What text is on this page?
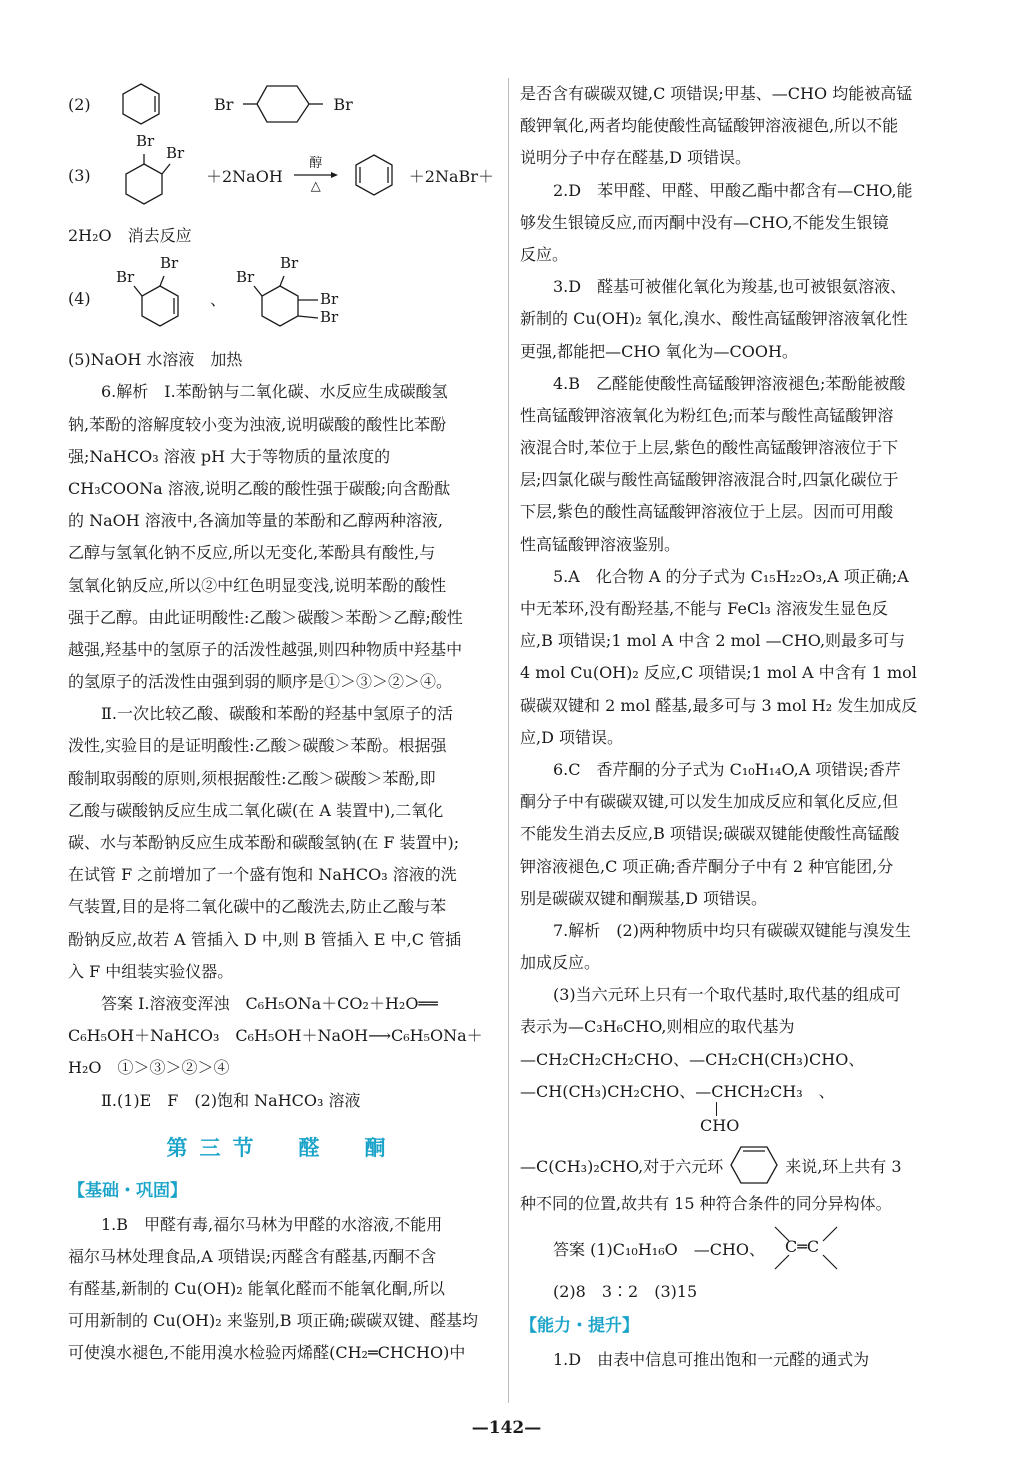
(2)	Br	Br
(3)
Br
Br
＋2NaOH
醇
△
＋2NaBr＋
2H₂O　消去反应
(4)
Br
Br
、
Br
Br
Br
Br
(5)NaOH 水溶液　加热
6.解析　Ⅰ.苯酚钠与二氧化碳、水反应生成碳酸氢
钠,苯酚的溶解度较小变为浊液,说明碳酸的酸性比苯酚
强;NaHCO₃ 溶液 pH 大于等物质的量浓度的
CH₃COONa 溶液,说明乙酸的酸性强于碳酸;向含酚酞
的 NaOH 溶液中,各滴加等量的苯酚和乙醇两种溶液,
乙醇与氢氧化钠不反应,所以无变化,苯酚具有酸性,与
氢氧化钠反应,所以②中红色明显变浅,说明苯酚的酸性
强于乙醇。由此证明酸性:乙酸＞碳酸＞苯酚＞乙醇;酸性
越强,羟基中的氢原子的活泼性越强,则四种物质中羟基中
的氢原子的活泼性由强到弱的顺序是①＞③＞②＞④。
Ⅱ.一次比较乙酸、碳酸和苯酚的羟基中氢原子的活
泼性,实验目的是证明酸性:乙酸＞碳酸＞苯酚。根据强
酸制取弱酸的原则,须根据酸性:乙酸＞碳酸＞苯酚,即
乙酸与碳酸钠反应生成二氧化碳(在 A 装置中),二氧化
碳、水与苯酚钠反应生成苯酚和碳酸氢钠(在 F 装置中);
在试管 F 之前增加了一个盛有饱和 NaHCO₃ 溶液的洗
气装置,目的是将二氧化碳中的乙酸洗去,防止乙酸与苯
酚钠反应,故若 A 管插入 D 中,则 B 管插入 E 中,C 管插
入 F 中组装实验仪器。
答案 Ⅰ.溶液变浑浊　C₆H₅ONa＋CO₂＋H₂O══
C₆H₅OH＋NaHCO₃　C₆H₅OH＋NaOH⟶C₆H₅ONa＋
H₂O　①＞③＞②＞④
Ⅱ.(1)E　F　(2)饱和 NaHCO₃ 溶液
第三节　醛　酮
【基础・巩固】
1.B　甲醛有毒,福尔马林为甲醛的水溶液,不能用
福尔马林处理食品,A 项错误;丙醛含有醛基,丙酮不含
有醛基,新制的 Cu(OH)₂ 能氧化醛而不能氧化酮,所以
可用新制的 Cu(OH)₂ 来鉴别,B 项正确;碳碳双键、醛基均
可使溴水褪色,不能用溴水检验丙烯醛(CH₂═CHCHO)中
是否含有碳碳双键,C 项错误;甲基、—CHO 均能被高锰
酸钾氧化,两者均能使酸性高锰酸钾溶液褪色,所以不能
说明分子中存在醛基,D 项错误。
2.D　苯甲醛、甲醛、甲酸乙酯中都含有—CHO,能
够发生银镜反应,而丙酮中没有—CHO,不能发生银镜
反应。
3.D　醛基可被催化氧化为羧基,也可被银氨溶液、
新制的 Cu(OH)₂ 氧化,溴水、酸性高锰酸钾溶液氧化性
更强,都能把—CHO 氧化为—COOH。
4.B　乙醛能使酸性高锰酸钾溶液褪色;苯酚能被酸
性高锰酸钾溶液氧化为粉红色;而苯与酸性高锰酸钾溶
液混合时,苯位于上层,紫色的酸性高锰酸钾溶液位于下
层;四氯化碳与酸性高锰酸钾溶液混合时,四氯化碳位于
下层,紫色的酸性高锰酸钾溶液位于上层。因而可用酸
性高锰酸钾溶液鉴别。
5.A　化合物 A 的分子式为 C₁₅H₂₂O₃,A 项正确;A
中无苯环,没有酚羟基,不能与 FeCl₃ 溶液发生显色反
应,B 项错误;1 mol A 中含 2 mol —CHO,则最多可与
4 mol Cu(OH)₂ 反应,C 项错误;1 mol A 中含有 1 mol
碳碳双键和 2 mol 醛基,最多可与 3 mol H₂ 发生加成反
应,D 项错误。
6.C　香芹酮的分子式为 C₁₀H₁₄O,A 项错误;香芹
酮分子中有碳碳双键,可以发生加成反应和氧化反应,但
不能发生消去反应,B 项错误;碳碳双键能使酸性高锰酸
钾溶液褪色,C 项正确;香芹酮分子中有 2 种官能团,分
别是碳碳双键和酮羰基,D 项错误。
7.解析　(2)两种物质中均只有碳碳双键能与溴发生
加成反应。
(3)当六元环上只有一个取代基时,取代基的组成可
表示为—C₃H₆CHO,则相应的取代基为
—CH₂CH₂CH₂CHO、—CH₂CH(CH₃)CHO、
—CH(CH₃)CH₂CHO、—CHCH₂CH₃　、
CHO
—C(CH₃)₂CHO,对于六元环	来说,环上共有 3
种不同的位置,故共有 15 种符合条件的同分异构体。
答案 (1)C₁₀H₁₆O　—CHO、 C═C
(2)8　3∶2　(3)15
【能力・提升】
1.D　由表中信息可推出饱和一元醛的通式为
—142—
